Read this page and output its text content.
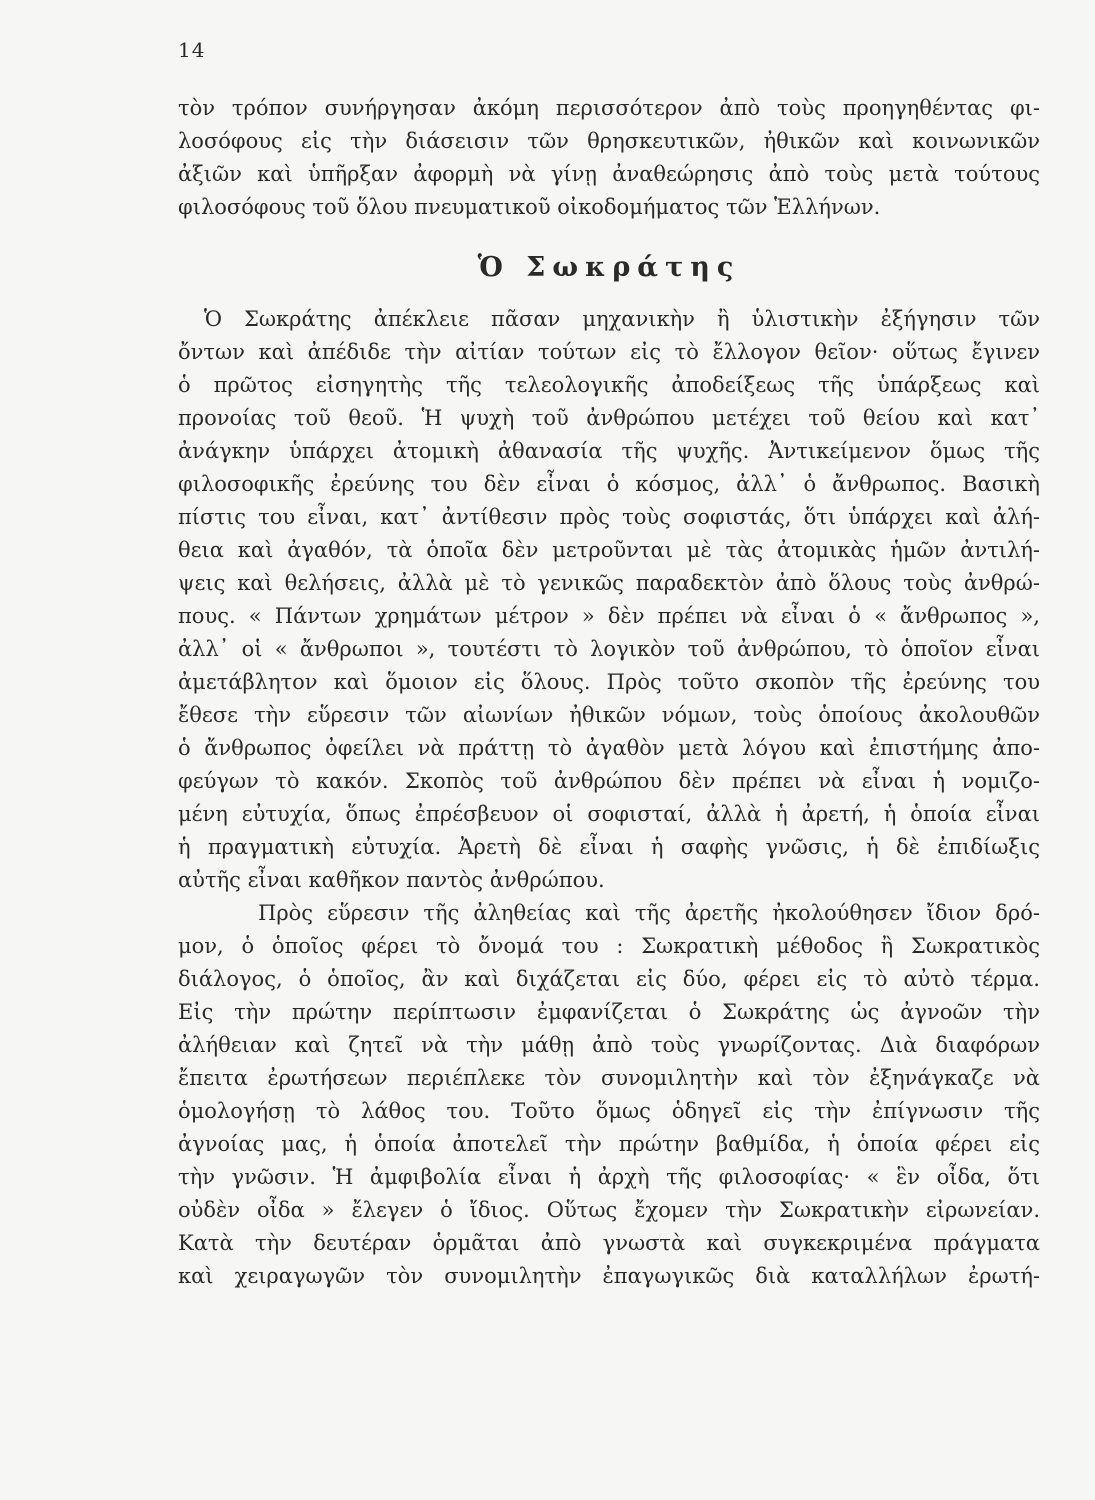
14
τὸν τρόπον συνήργησαν ἀκόμη περισσότερον ἀπὸ τοὺς προηγηθέντας φι-
λοσόφους εἰς τὴν διάσεισιν τῶν θρησκευτικῶν, ἠθικῶν καὶ κοινωνικῶν
ἀξιῶν καὶ ὑπῆρξαν ἀφορμὴ νὰ γίνῃ ἀναθεώρησις ἀπὸ τοὺς μετὰ τούτους
φιλοσόφους τοῦ ὅλου πνευματικοῦ οἰκοδομήματος τῶν Ἑλλήνων.
Ὁ Σωκράτης
Ὁ Σωκράτης ἀπέκλειε πᾶσαν μηχανικὴν ἢ ὑλιστικὴν ἐξήγησιν τῶν
ὄντων καὶ ἀπέδιδε τὴν αἰτίαν τούτων εἰς τὸ ἔλλογον θεῖον· οὕτως ἔγινεν
ὁ πρῶτος εἰσηγητὴς τῆς τελεολογικῆς ἀποδείξεως τῆς ὑπάρξεως καὶ
προνοίας τοῦ θεοῦ. Ἡ ψυχὴ τοῦ ἀνθρώπου μετέχει τοῦ θείου καὶ κατ᾽
ἀνάγκην ὑπάρχει ἀτομικὴ ἀθανασία τῆς ψυχῆς. Ἀντικείμενον ὅμως τῆς
φιλοσοφικῆς ἐρεύνης του δὲν εἶναι ὁ κόσμος, ἀλλ᾽ ὁ ἄνθρωπος. Βασικὴ
πίστις του εἶναι, κατ᾽ ἀντίθεσιν πρὸς τοὺς σοφιστάς, ὅτι ὑπάρχει καὶ ἀλή-
θεια καὶ ἀγαθόν, τὰ ὁποῖα δὲν μετροῦνται μὲ τὰς ἀτομικὰς ἡμῶν ἀντιλή-
ψεις καὶ θελήσεις, ἀλλὰ μὲ τὸ γενικῶς παραδεκτὸν ἀπὸ ὅλους τοὺς ἀνθρώ-
πους. « Πάντων χρημάτων μέτρον » δὲν πρέπει νὰ εἶναι ὁ « ἄνθρωπος »,
ἀλλ᾽ οἱ « ἄνθρωποι », τουτέστι τὸ λογικὸν τοῦ ἀνθρώπου, τὸ ὁποῖον εἶναι
ἀμετάβλητον καὶ ὅμοιον εἰς ὅλους. Πρὸς τοῦτο σκοπὸν τῆς ἐρεύνης του
ἔθεσε τὴν εὕρεσιν τῶν αἰωνίων ἠθικῶν νόμων, τοὺς ὁποίους ἀκολουθῶν
ὁ ἄνθρωπος ὀφείλει νὰ πράττῃ τὸ ἀγαθὸν μετὰ λόγου καὶ ἐπιστήμης ἀπο-
φεύγων τὸ κακόν. Σκοπὸς τοῦ ἀνθρώπου δὲν πρέπει νὰ εἶναι ἡ νομιζο-
μένη εὐτυχία, ὅπως ἐπρέσβευον οἱ σοφισταί, ἀλλὰ ἡ ἀρετή, ἡ ὁποία εἶναι
ἡ πραγματικὴ εὐτυχία. Ἀρετὴ δὲ εἶναι ἡ σαφὴς γνῶσις, ἡ δὲ ἐπιδίωξις
αὐτῆς εἶναι καθῆκον παντὸς ἀνθρώπου.
Πρὸς εὕρεσιν τῆς ἀληθείας καὶ τῆς ἀρετῆς ἠκολούθησεν ἴδιον δρό-
μον, ὁ ὁποῖος φέρει τὸ ὄνομά του : Σωκρατικὴ μέθοδος ἢ Σωκρατικὸς
διάλογος, ὁ ὁποῖος, ἂν καὶ διχάζεται εἰς δύο, φέρει εἰς τὸ αὐτὸ τέρμα.
Εἰς τὴν πρώτην περίπτωσιν ἐμφανίζεται ὁ Σωκράτης ὡς ἀγνοῶν τὴν
ἀλήθειαν καὶ ζητεῖ νὰ τὴν μάθῃ ἀπὸ τοὺς γνωρίζοντας. Διὰ διαφόρων
ἔπειτα ἐρωτήσεων περιέπλεκε τὸν συνομιλητὴν καὶ τὸν ἐξηνάγκαζε νὰ
ὁμολογήσῃ τὸ λάθος του. Τοῦτο ὅμως ὁδηγεῖ εἰς τὴν ἐπίγνωσιν τῆς
ἀγνοίας μας, ἡ ὁποία ἀποτελεῖ τὴν πρώτην βαθμίδα, ἡ ὁποία φέρει εἰς
τὴν γνῶσιν. Ἡ ἀμφιβολία εἶναι ἡ ἀρχὴ τῆς φιλοσοφίας· « ἓν οἶδα, ὅτι
οὐδὲν οἶδα » ἔλεγεν ὁ ἴδιος. Οὕτως ἔχομεν τὴν Σωκρατικὴν εἰρωνείαν.
Κατὰ τὴν δευτέραν ὁρμᾶται ἀπὸ γνωστὰ καὶ συγκεκριμένα πράγματα
καὶ χειραγωγῶν τὸν συνομιλητὴν ἐπαγωγικῶς διὰ καταλλήλων ἐρωτή-
